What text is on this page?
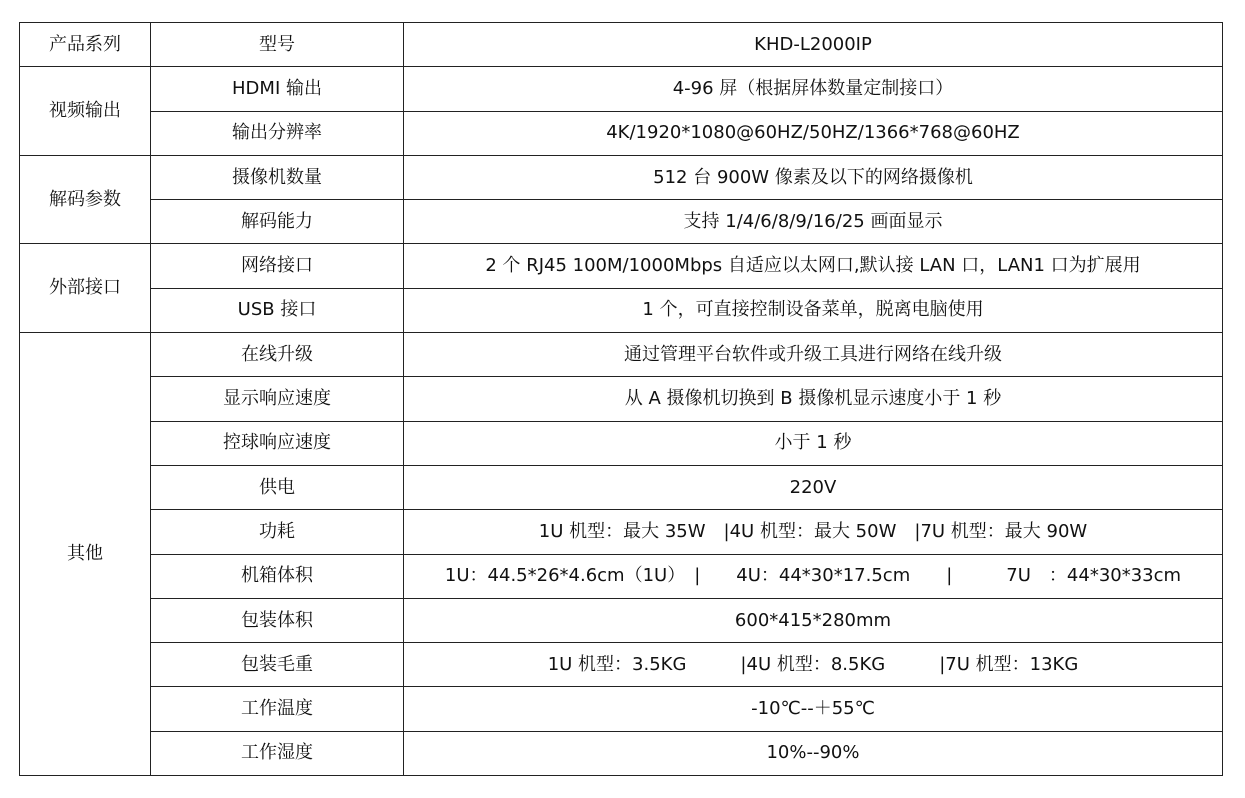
产品系列	型号	KHD-L2000IP
视频输出	HDMI 输出	4-96 屏（根据屏体数量定制接口）
	输出分辨率	4K/1920*1080@60HZ/50HZ/1366*768@60HZ
解码参数	摄像机数量	512 台 900W 像素及以下的网络摄像机
	解码能力	支持 1/4/6/8/9/16/25 画面显示
外部接口	网络接口	2 个 RJ45 100M/1000Mbps 自适应以太网口,默认接 LAN 口，LAN1 口为扩展用
	USB 接口	1 个，可直接控制设备菜单，脱离电脑使用
其他	在线升级	通过管理平台软件或升级工具进行网络在线升级
	显示响应速度	从 A 摄像机切换到 B 摄像机显示速度小于 1 秒
	控球响应速度	小于 1 秒
	供电	220V
	功耗	1U 机型：最大 35W　|4U 机型：最大 50W　|7U 机型：最大 90W
	机箱体积	1U：44.5*26*4.6cm（1U）　|　　4U：44*30*17.5cm　　|　　　7U　：44*30*33cm
	包装体积	600*415*280mm
	包装毛重	1U 机型：3.5KG　　　|4U 机型：8.5KG　　　|7U 机型：13KG
	工作温度	-10℃--＋55℃
	工作湿度	10%--90%
